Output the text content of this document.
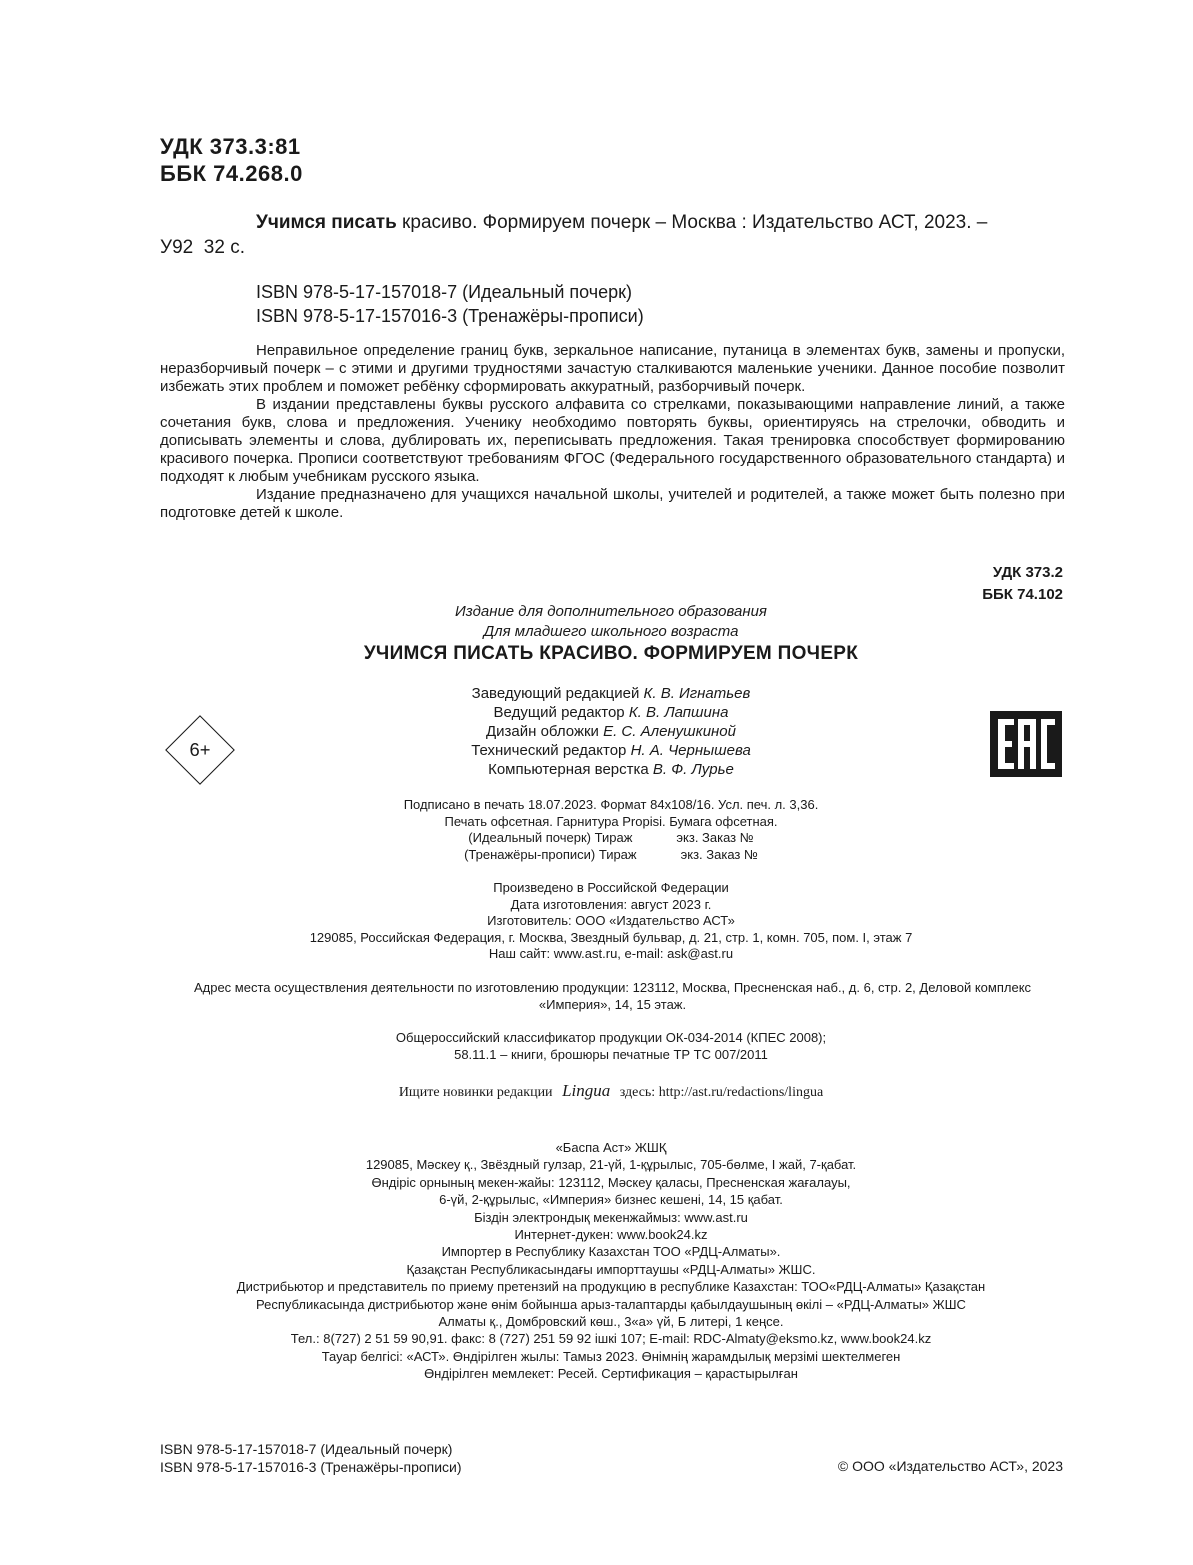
УДК 373.3:81
ББК 74.268.0
Учимся писать красиво. Формируем почерк – Москва : Издательство АСТ, 2023. –
У92 32 с.
ISBN 978-5-17-157018-7 (Идеальный почерк)
ISBN 978-5-17-157016-3 (Тренажёры-прописи)

Неправильное определение границ букв, зеркальное написание, путаница в элементах букв, замены и пропуски, неразборчивый почерк – с этими и другими трудностями зачастую сталкиваются маленькие ученики. Данное пособие позволит избежать этих проблем и поможет ребёнку сформировать аккуратный, разборчивый почерк.

В издании представлены буквы русского алфавита со стрелками, показывающими направление линий, а также сочетания букв, слова и предложения. Ученику необходимо повторять буквы, ориентируясь на стрелочки, обводить и дописывать элементы и слова, дублировать их, переписывать предложения. Такая тренировка способствует формированию красивого почерка. Прописи соответствуют требованиям ФГОС (Федерального государственного образовательного стандарта) и подходят к любым учебникам русского языка.

Издание предназначено для учащихся начальной школы, учителей и родителей, а также может быть полезно при подготовке детей к школе.

УДК 373.2
ББК 74.102
Издание для дополнительного образования
Для младшего школьного возраста
УЧИМСЯ ПИСАТЬ КРАСИВО. ФОРМИРУЕМ ПОЧЕРК
Заведующий редакцией К. В. Игнатьев
Ведущий редактор К. В. Лапшина
Дизайн обложки Е. С. Аленушкиной
Технический редактор Н. А. Чернышева
Компьютерная верстка В. Ф. Лурье
6+
Подписано в печать 18.07.2023. Формат 84x108/16. Усл. печ. л. 3,36.
Печать офсетная. Гарнитура Propisi. Бумага офсетная.
(Идеальный почерк) Тираж	экз. Заказ №
(Тренажёры-прописи) Тираж	экз. Заказ №
Произведено в Российской Федерации
Дата изготовления: август 2023 г.
Изготовитель: ООО «Издательство АСТ»
129085, Российская Федерация, г. Москва, Звездный бульвар, д. 21, стр. 1, комн. 705, пом. I, этаж 7
Наш сайт: www.ast.ru, e-mail: ask@ast.ru
Адрес места осуществления деятельности по изготовлению продукции: 123112, Москва, Пресненская наб., д. 6, стр. 2, Деловой комплекс «Империя», 14, 15 этаж.
Общероссийский классификатор продукции ОК-034-2014 (КПЕС 2008);
58.11.1 – книги, брошюры печатные ТР ТС 007/2011
Ищите новинки редакции Lingua здесь: http://ast.ru/redactions/lingua
«Баспа Аст» ЖШҚ
129085, Мәскеу қ., Звёздный гулзар, 21-үй, 1-құрылыс, 705-бөлме, I жай, 7-қабат.
Өндіріс орнының мекен-жайы: 123112, Мәскеу қаласы, Пресненская жағалауы,
6-үй, 2-құрылыс, «Империя» бизнес кешені, 14, 15 қабат.
Біздін электрондық мекенжаймыз: www.ast.ru
Интернет-дукен: www.book24.kz
Импортер в Республику Казахстан ТОО «РДЦ-Алматы».
Қазақстан Республикасындағы импорттаушы «РДЦ-Алматы» ЖШС.
Дистрибьютор и представитель по приему претензий на продукцию в республике Казахстан: ТОО«РДЦ-Алматы» Қазақстан
Республикасында дистрибьютор және өнім бойынша арыз-талаптарды қабылдаушының өкілі – «РДЦ-Алматы» ЖШС
Алматы қ., Домбровский көш., 3«а» үй, Б литерi, 1 кеңсе.
Тел.: 8(727) 2 51 59 90,91. факс: 8 (727) 251 59 92 ішкі 107; E-mail: RDC-Almaty@eksmo.kz, www.book24.kz
Тауар белгісі: «АСТ». Өндірілген жылы: Тамыз 2023. Өнімнің жарамдылық мерзімі шектелмеген
Өндірілген мемлекет: Ресей. Сертификация – қарастырылған
ISBN 978-5-17-157018-7 (Идеальный почерк)
ISBN 978-5-17-157016-3 (Тренажёры-прописи)	© ООО «Издательство АСТ», 2023
